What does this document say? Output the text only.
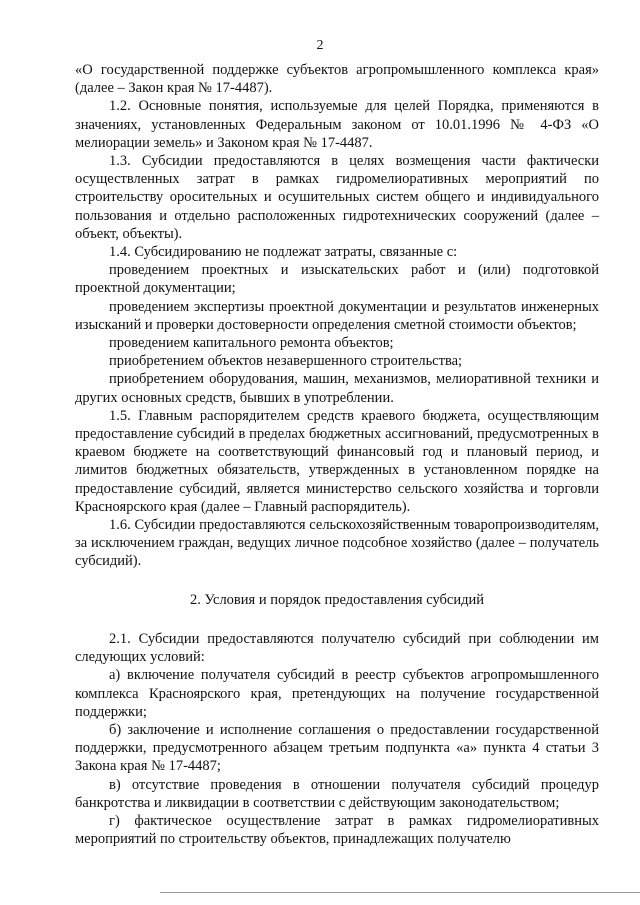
2

«О государственной поддержке субъектов агропромышленного комплекса края» (далее – Закон края № 17-4487).

1.2. Основные понятия, используемые для целей Порядка, применяются в значениях, установленных Федеральным законом от 10.01.1996 № 4-ФЗ «О мелиорации земель» и Законом края № 17-4487.

1.3. Субсидии предоставляются в целях возмещения части фактически осуществленных затрат в рамках гидромелиоративных мероприятий по строительству оросительных и осушительных систем общего и индивидуального пользования и отдельно расположенных гидротехнических сооружений (далее – объект, объекты).

1.4. Субсидированию не подлежат затраты, связанные с:

проведением проектных и изыскательских работ и (или) подготовкой проектной документации;

проведением экспертизы проектной документации и результатов инженерных изысканий и проверки достоверности определения сметной стоимости объектов;

проведением капитального ремонта объектов;

приобретением объектов незавершенного строительства;

приобретением оборудования, машин, механизмов, мелиоративной техники и других основных средств, бывших в употреблении.

1.5. Главным распорядителем средств краевого бюджета, осуществляющим предоставление субсидий в пределах бюджетных ассигнований, предусмотренных в краевом бюджете на соответствующий финансовый год и плановый период, и лимитов бюджетных обязательств, утвержденных в установленном порядке на предоставление субсидий, является министерство сельского хозяйства и торговли Красноярского края (далее – Главный распорядитель).

1.6. Субсидии предоставляются сельскохозяйственным товаропроизводителям, за исключением граждан, ведущих личное подсобное хозяйство (далее – получатель субсидий).

2. Условия и порядок предоставления субсидий

2.1. Субсидии предоставляются получателю субсидий при соблюдении им следующих условий:

а) включение получателя субсидий в реестр субъектов агропромышленного комплекса Красноярского края, претендующих на получение государственной поддержки;

б) заключение и исполнение соглашения о предоставлении государственной поддержки, предусмотренного абзацем третьим подпункта «а» пункта 4 статьи 3 Закона края № 17-4487;

в) отсутствие проведения в отношении получателя субсидий процедур банкротства и ликвидации в соответствии с действующим законодательством;

г) фактическое осуществление затрат в рамках гидромелиоративных мероприятий по строительству объектов, принадлежащих получателю
